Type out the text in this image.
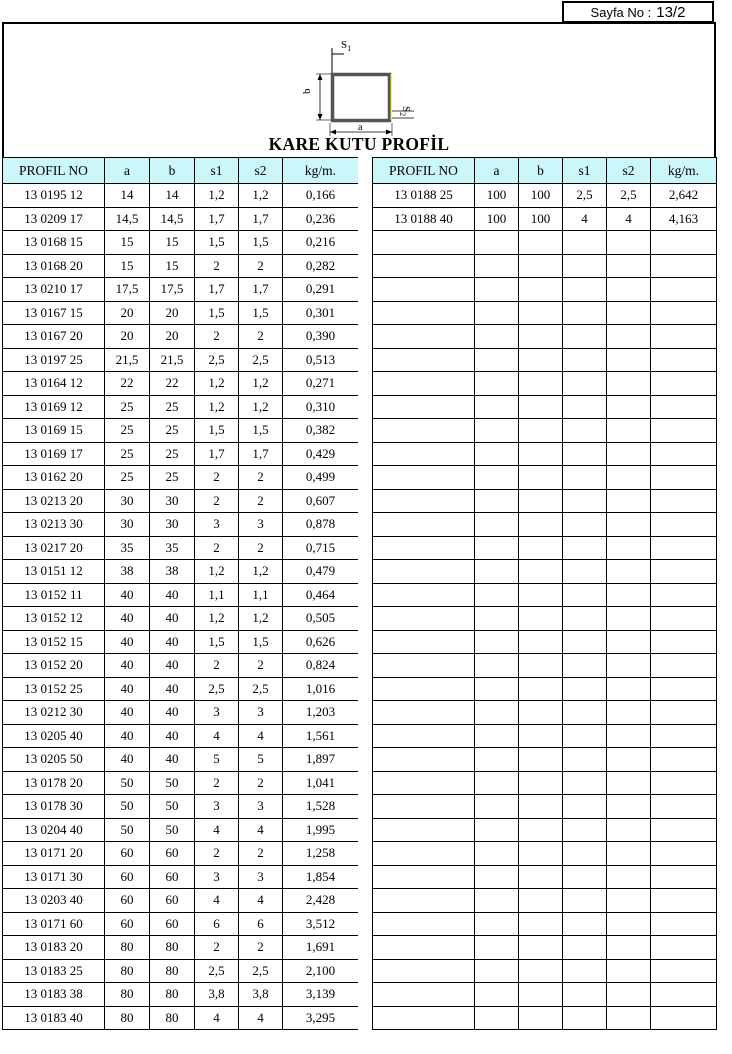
Sayfa No : 13/2
$S_1$
$S_2$
b
a
KARE KUTU PROFİL
PROFIL NO	a	b	s1	s2	kg/m.
13 0195 12	14	14	1,2	1,2	0,166
13 0209 17	14,5	14,5	1,7	1,7	0,236
13 0168 15	15	15	1,5	1,5	0,216
13 0168 20	15	15	2	2	0,282
13 0210 17	17,5	17,5	1,7	1,7	0,291
13 0167 15	20	20	1,5	1,5	0,301
13 0167 20	20	20	2	2	0,390
13 0197 25	21,5	21,5	2,5	2,5	0,513
13 0164 12	22	22	1,2	1,2	0,271
13 0169 12	25	25	1,2	1,2	0,310
13 0169 15	25	25	1,5	1,5	0,382
13 0169 17	25	25	1,7	1,7	0,429
13 0162 20	25	25	2	2	0,499
13 0213 20	30	30	2	2	0,607
13 0213 30	30	30	3	3	0,878
13 0217 20	35	35	2	2	0,715
13 0151 12	38	38	1,2	1,2	0,479
13 0152 11	40	40	1,1	1,1	0,464
13 0152 12	40	40	1,2	1,2	0,505
13 0152 15	40	40	1,5	1,5	0,626
13 0152 20	40	40	2	2	0,824
13 0152 25	40	40	2,5	2,5	1,016
13 0212 30	40	40	3	3	1,203
13 0205 40	40	40	4	4	1,561
13 0205 50	40	40	5	5	1,897
13 0178 20	50	50	2	2	1,041
13 0178 30	50	50	3	3	1,528
13 0204 40	50	50	4	4	1,995
13 0171 20	60	60	2	2	1,258
13 0171 30	60	60	3	3	1,854
13 0203 40	60	60	4	4	2,428
13 0171 60	60	60	6	6	3,512
13 0183 20	80	80	2	2	1,691
13 0183 25	80	80	2,5	2,5	2,100
13 0183 38	80	80	3,8	3,8	3,139
13 0183 40	80	80	4	4	3,295
PROFIL NO	a	b	s1	s2	kg/m.
13 0188 25	100	100	2,5	2,5	2,642
13 0188 40	100	100	4	4	4,163
